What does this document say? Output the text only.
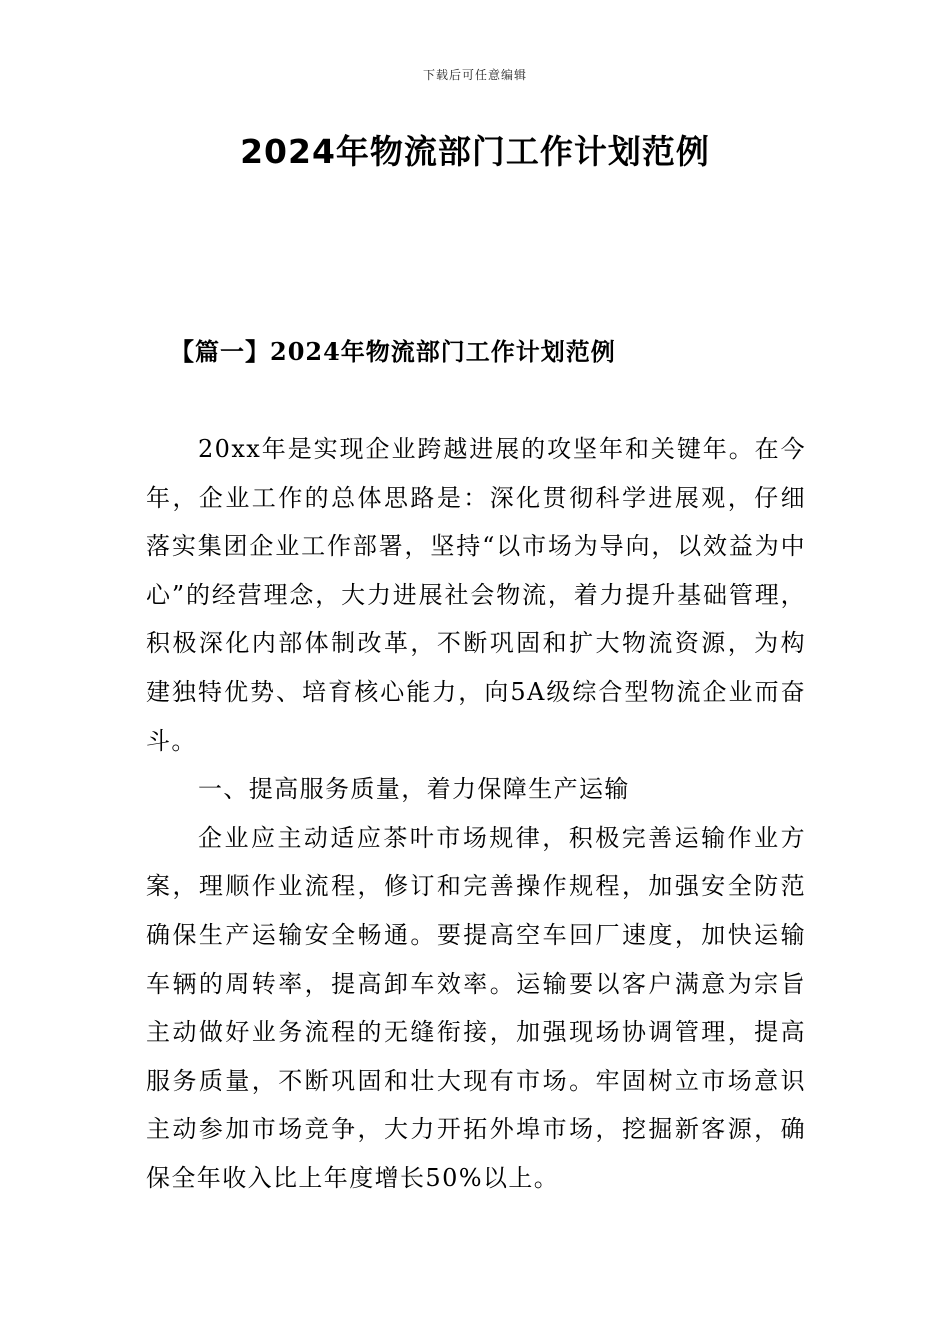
下载后可任意编辑
2024年物流部门工作计划范例
【篇一】2024年物流部门工作计划范例

20xx年是实现企业跨越进展的攻坚年和关键年。在今年，企业工作的总体思路是：深化贯彻科学进展观，仔细落实集团企业工作部署，坚持“以市场为导向，以效益为中心”的经营理念，大力进展社会物流，着力提升基础管理，积极深化内部体制改革，不断巩固和扩大物流资源，为构建独特优势、培育核心能力，向5A级综合型物流企业而奋斗。

一、提高服务质量，着力保障生产运输

企业应主动适应茶叶市场规律，积极完善运输作业方案，理顺作业流程，修订和完善操作规程，加强安全防范确保生产运输安全畅通。要提高空车回厂速度，加快运输车辆的周转率，提高卸车效率。运输要以客户满意为宗旨主动做好业务流程的无缝衔接，加强现场协调管理，提高服务质量，不断巩固和壮大现有市场。牢固树立市场意识主动参加市场竞争，大力开拓外埠市场，挖掘新客源，确保全年收入比上年度增长50%以上。
